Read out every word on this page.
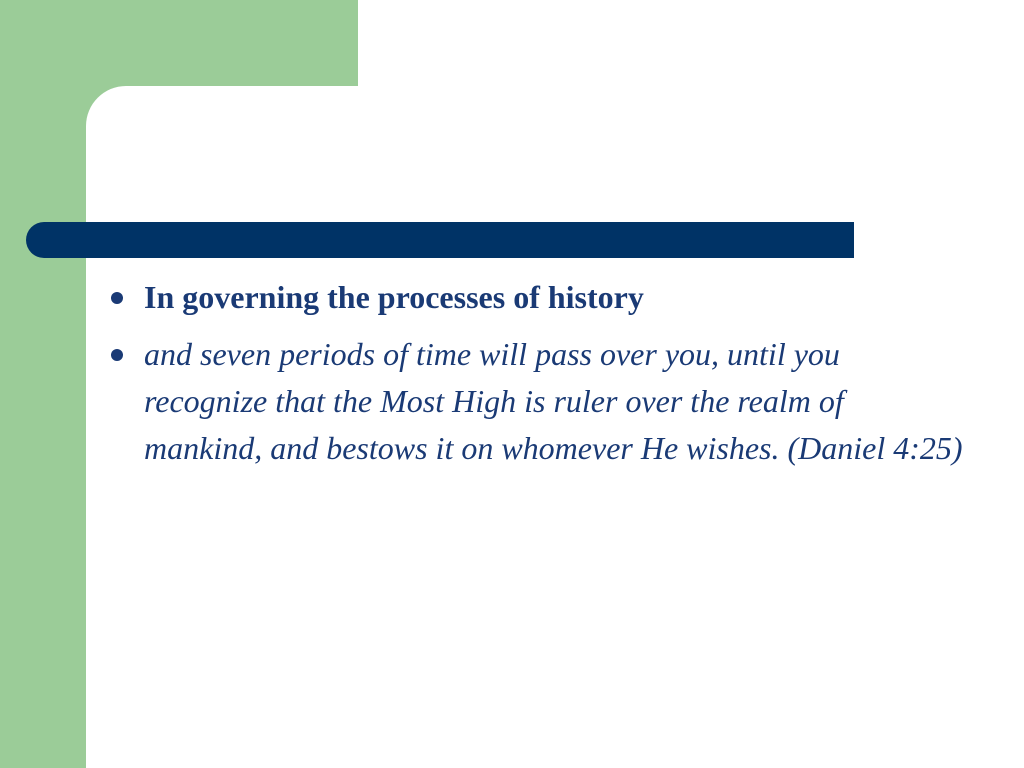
In governing the processes of history
and seven periods of time will pass over you, until you recognize that the Most High is ruler over the realm of mankind, and bestows it on whomever He wishes. (Daniel 4:25)
